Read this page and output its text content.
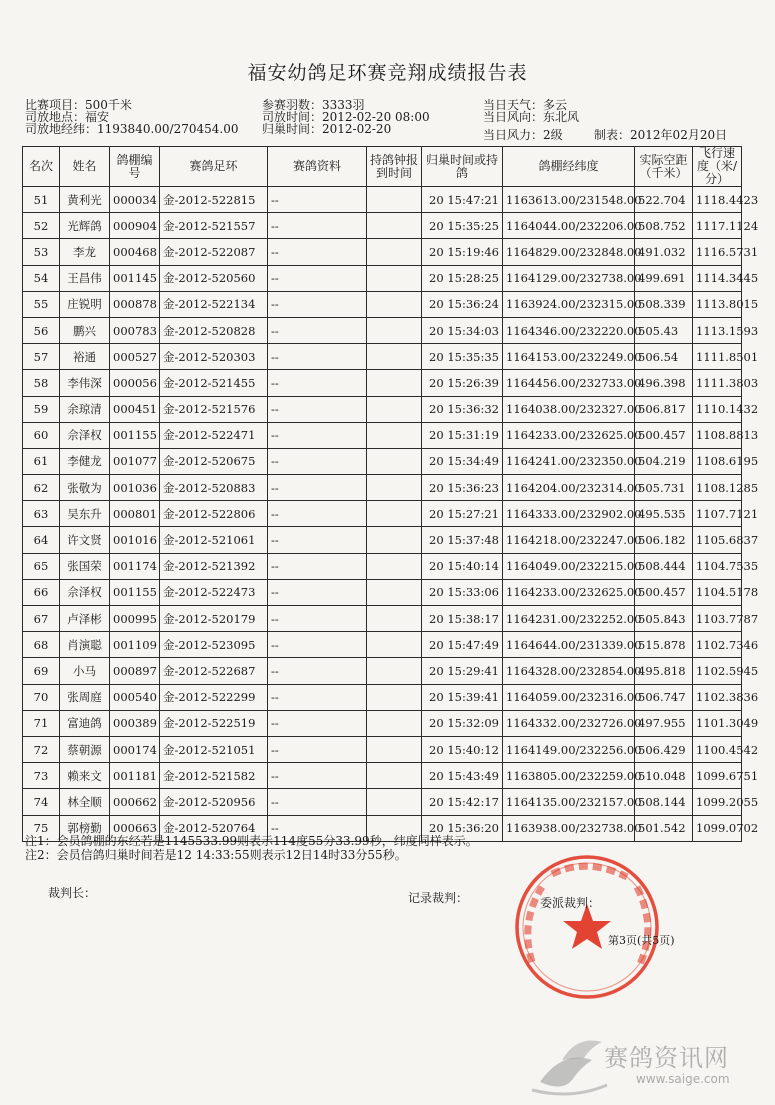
福安幼鸽足环赛竞翔成绩报告表
比赛项目：500千米
司放地点：福安
司放地经纬：1193840.00/270454.00
参赛羽数：3333羽
司放时间：2012-02-20 08:00
归巢时间：2012-02-20
当日天气：多云
当日风向：东北风
当日风力：2级	制表：2012年02月20日
名次	姓名	鸽棚编号	赛鸽足环	赛鸽资料	持鸽钟报到时间	归巢时间或持鸽	鸽棚经纬度	实际空距（千米）	飞行速度（米/分）
51	黄利光	000034	金-2012-522815	--		20 15:47:21	1163613.00/231548.00	522.704	1118.4423
52	光辉鸽	000904	金-2012-521557	--		20 15:35:25	1164044.00/232206.00	508.752	1117.1124
53	李龙	000468	金-2012-522087	--		20 15:19:46	1164829.00/232848.00	491.032	1116.5731
54	王昌伟	001145	金-2012-520560	--		20 15:28:25	1164129.00/232738.00	499.691	1114.3445
55	庄锐明	000878	金-2012-522134	--		20 15:36:24	1163924.00/232315.00	508.339	1113.8015
56	鹏兴	000783	金-2012-520828	--		20 15:34:03	1164346.00/232220.00	505.43	1113.1593
57	裕通	000527	金-2012-520303	--		20 15:35:35	1164153.00/232249.00	506.54	1111.8501
58	李伟深	000056	金-2012-521455	--		20 15:26:39	1164456.00/232733.00	496.398	1111.3803
59	余琼清	000451	金-2012-521576	--		20 15:36:32	1164038.00/232327.00	506.817	1110.1432
60	佘泽权	001155	金-2012-522471	--		20 15:31:19	1164233.00/232625.00	500.457	1108.8813
61	李健龙	001077	金-2012-520675	--		20 15:34:49	1164241.00/232350.00	504.219	1108.6195
62	张敬为	001036	金-2012-520883	--		20 15:36:23	1164204.00/232314.00	505.731	1108.1285
63	吴东升	000801	金-2012-522806	--		20 15:27:21	1164333.00/232902.00	495.535	1107.7121
64	许文贤	001016	金-2012-521061	--		20 15:37:48	1164218.00/232247.00	506.182	1105.6837
65	张国荣	001174	金-2012-521392	--		20 15:40:14	1164049.00/232215.00	508.444	1104.7535
66	佘泽权	001155	金-2012-522473	--		20 15:33:06	1164233.00/232625.00	500.457	1104.5178
67	卢泽彬	000995	金-2012-520179	--		20 15:38:17	1164231.00/232252.00	505.843	1103.7787
68	肖演聪	001109	金-2012-523095	--		20 15:47:49	1164644.00/231339.00	515.878	1102.7346
69	小马	000897	金-2012-522687	--		20 15:29:41	1164328.00/232854.00	495.818	1102.5945
70	张周庭	000540	金-2012-522299	--		20 15:39:41	1164059.00/232316.00	506.747	1102.3836
71	富迪鸽	000389	金-2012-522519	--		20 15:32:09	1164332.00/232726.00	497.955	1101.3049
72	蔡朝源	000174	金-2012-521051	--		20 15:40:12	1164149.00/232256.00	506.429	1100.4542
73	赖来文	001181	金-2012-521582	--		20 15:43:49	1163805.00/232259.00	510.048	1099.6751
74	林全顺	000662	金-2012-520956	--		20 15:42:17	1164135.00/232157.00	508.144	1099.2055
75	郭榜勤	000663	金-2012-520764	--		20 15:36:20	1163938.00/232738.00	501.542	1099.0702
注1：会员鸽棚的东经若是1145533.99则表示114度55分33.99秒，纬度同样表示。
注2：会员信鸽归巢时间若是12 14:33:55则表示12日14时33分55秒。
裁判长：	记录裁判：	委派裁判：
第3页(共5页)
赛鸽资讯网
www.saige.com
